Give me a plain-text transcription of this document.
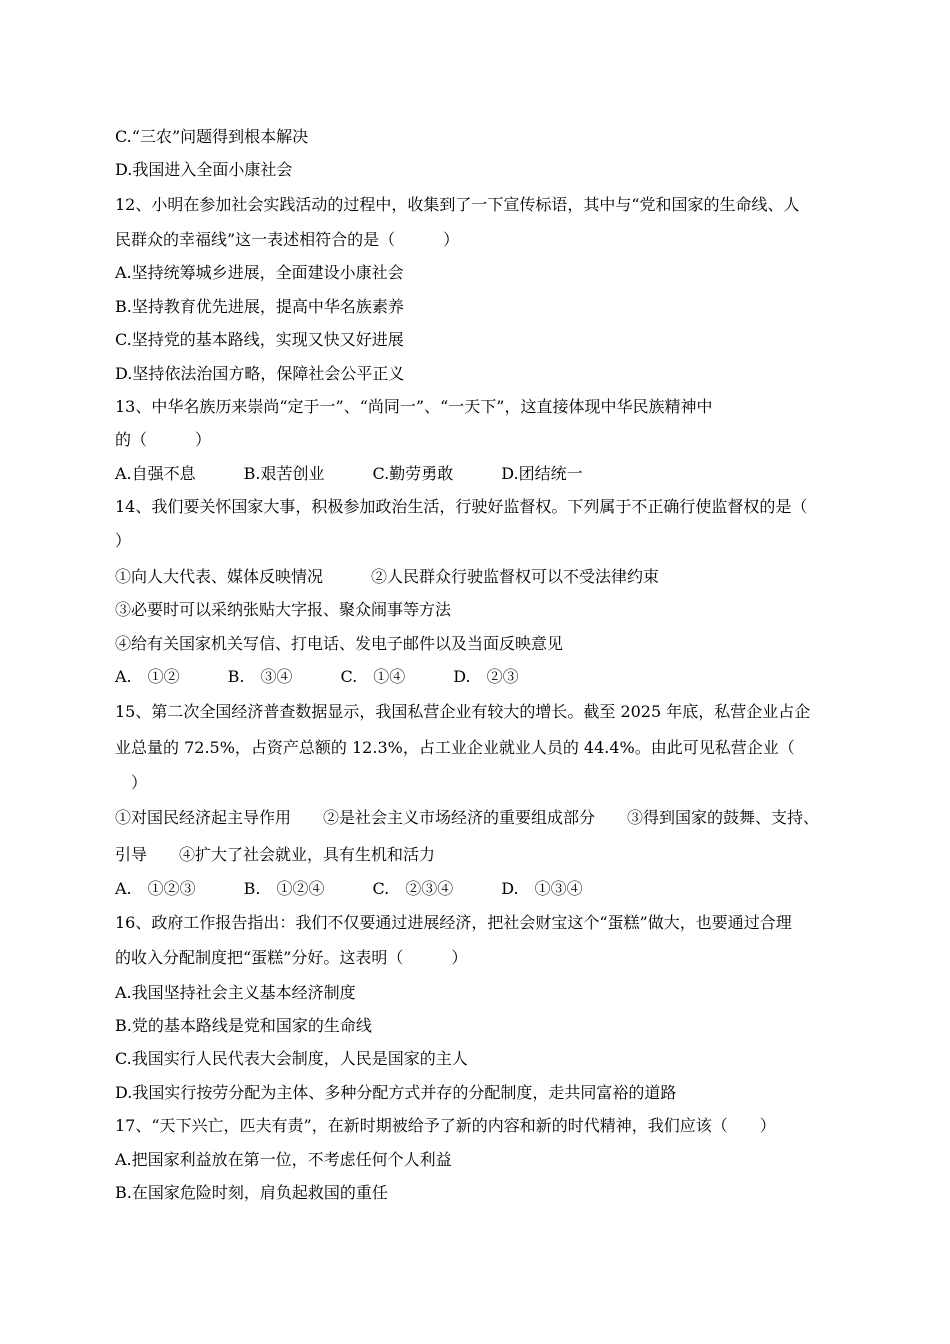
C.“三农”问题得到根本解决
D.我国进入全面小康社会
12、小明在参加社会实践活动的过程中，收集到了一下宣传标语，其中与“党和国家的生命线、人
民群众的幸福线”这一表述相符合的是（　　　）
A.坚持统筹城乡进展，全面建设小康社会
B.坚持教育优先进展，提高中华名族素养
C.坚持党的基本路线，实现又快又好进展
D.坚持依法治国方略，保障社会公平正义
13、中华名族历来崇尚“定于一”、“尚同一”、“一天下”，这直接体现中华民族精神中
的（　　　）
A.自强不息　　　B.艰苦创业　　　C.勤劳勇敢　　　D.团结统一
14、我们要关怀国家大事，积极参加政治生活，行驶好监督权。下列属于不正确行使监督权的是（
）
①向人大代表、媒体反映情况　　　②人民群众行驶监督权可以不受法律约束
③必要时可以采纳张贴大字报、聚众闹事等方法
④给有关国家机关写信、打电话、发电子邮件以及当面反映意见
A.　①②　　　B.　③④　　　C.　①④　　　D.　②③
15、第二次全国经济普查数据显示，我国私营企业有较大的增长。截至 2025 年底，私营企业占企
业总量的 72.5%，占资产总额的 12.3%，占工业企业就业人员的 44.4%。由此可见私营企业（
　）
①对国民经济起主导作用　　②是社会主义市场经济的重要组成部分　　③得到国家的鼓舞、支持、
引导　　④扩大了社会就业，具有生机和活力
A.　①②③　　　B.　①②④　　　C.　②③④　　　D.　①③④
16、政府工作报告指出：我们不仅要通过进展经济，把社会财宝这个“蛋糕”做大，也要通过合理
的收入分配制度把“蛋糕”分好。这表明（　　　）
A.我国坚持社会主义基本经济制度
B.党的基本路线是党和国家的生命线
C.我国实行人民代表大会制度，人民是国家的主人
D.我国实行按劳分配为主体、多种分配方式并存的分配制度，走共同富裕的道路
17、“天下兴亡，匹夫有责”，在新时期被给予了新的内容和新的时代精神，我们应该（　　）
A.把国家利益放在第一位，不考虑任何个人利益
B.在国家危险时刻，肩负起救国的重任
